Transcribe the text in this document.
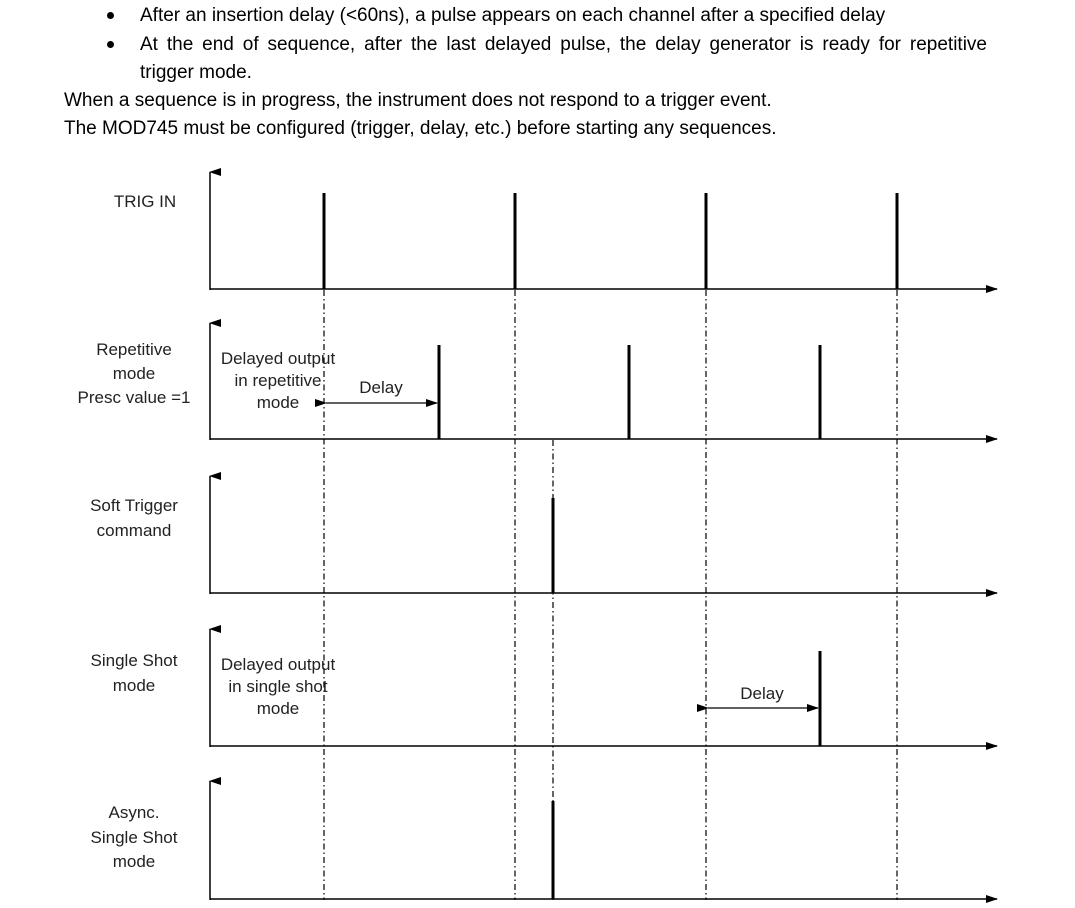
After an insertion delay (<60ns), a pulse appears on each channel after a specified delay
At the end of sequence, after the last delayed pulse, the delay generator is ready for repetitive trigger mode.
When a sequence is in progress, the instrument does not respond to a trigger event.
The MOD745 must be configured (trigger, delay, etc.) before starting any sequences.
TRIG IN
Repetitive
mode
Presc value =1
Delayed output
in repetitive
mode
Delay
Soft Trigger
command
Single Shot
mode
Delayed output
in single shot
mode
Delay
Async.
Single Shot
mode
